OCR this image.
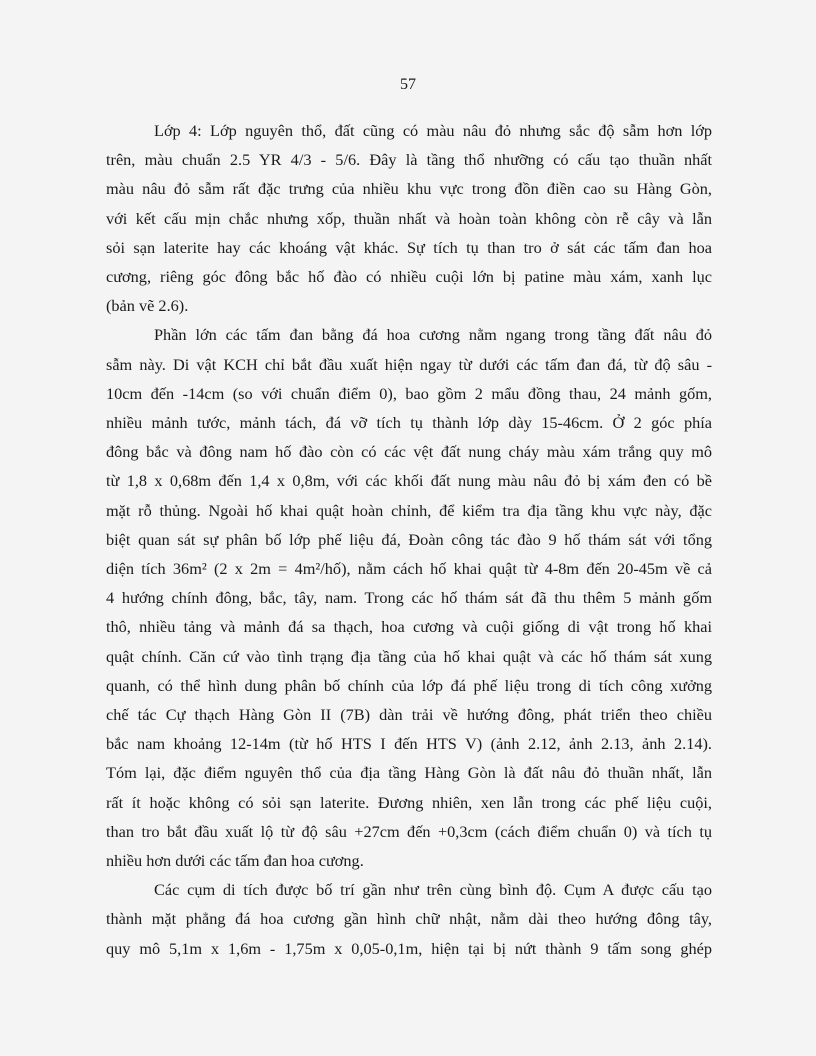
57

Lớp 4: Lớp nguyên thổ, đất cũng có màu nâu đỏ nhưng sắc độ sẫm hơn lớp
trên, màu chuẩn 2.5 YR 4/3 - 5/6. Đây là tầng thổ nhưỡng có cấu tạo thuần nhất
màu nâu đỏ sẫm rất đặc trưng của nhiều khu vực trong đồn điền cao su Hàng Gòn,
với kết cấu mịn chắc nhưng xốp, thuần nhất và hoàn toàn không còn rễ cây và lẫn
sỏi sạn laterite hay các khoáng vật khác. Sự tích tụ than tro ở sát các tấm đan hoa
cương, riêng góc đông bắc hố đào có nhiều cuội lớn bị patine màu xám, xanh lục
(bản vẽ 2.6).

Phần lớn các tấm đan bằng đá hoa cương nằm ngang trong tầng đất nâu đỏ
sẫm này. Di vật KCH chỉ bắt đầu xuất hiện ngay từ dưới các tấm đan đá, từ độ sâu -
10cm đến -14cm (so với chuẩn điểm 0), bao gồm 2 mẩu đồng thau, 24 mảnh gốm,
nhiều mảnh tước, mảnh tách, đá vỡ tích tụ thành lớp dày 15-46cm. Ở 2 góc phía
đông bắc và đông nam hố đào còn có các vệt đất nung cháy màu xám trắng quy mô
từ 1,8 x 0,68m đến 1,4 x 0,8m, với các khối đất nung màu nâu đỏ bị xám đen có bề
mặt rỗ thủng. Ngoài hố khai quật hoàn chỉnh, để kiểm tra địa tầng khu vực này, đặc
biệt quan sát sự phân bố lớp phế liệu đá, Đoàn công tác đào 9 hố thám sát với tổng
diện tích 36m² (2 x 2m = 4m²/hố), nằm cách hố khai quật từ 4-8m đến 20-45m về cả
4 hướng chính đông, bắc, tây, nam. Trong các hố thám sát đã thu thêm 5 mảnh gốm
thô, nhiều tảng và mảnh đá sa thạch, hoa cương và cuội giống di vật trong hố khai
quật chính. Căn cứ vào tình trạng địa tầng của hố khai quật và các hố thám sát xung
quanh, có thể hình dung phân bố chính của lớp đá phế liệu trong di tích công xưởng
chế tác Cự thạch Hàng Gòn II (7B) dàn trải về hướng đông, phát triển theo chiều
bắc nam khoảng 12-14m (từ hố HTS I đến HTS V) (ảnh 2.12, ảnh 2.13, ảnh 2.14).
Tóm lại, đặc điểm nguyên thổ của địa tầng Hàng Gòn là đất nâu đỏ thuần nhất, lẫn
rất ít hoặc không có sỏi sạn laterite. Đương nhiên, xen lẫn trong các phế liệu cuội,
than tro bắt đầu xuất lộ từ độ sâu +27cm đến +0,3cm (cách điểm chuẩn 0) và tích tụ
nhiều hơn dưới các tấm đan hoa cương.

Các cụm di tích được bố trí gần như trên cùng bình độ. Cụm A được cấu tạo
thành mặt phẳng đá hoa cương gần hình chữ nhật, nằm dài theo hướng đông tây,
quy mô 5,1m x 1,6m - 1,75m x 0,05-0,1m, hiện tại bị nứt thành 9 tấm song ghép
